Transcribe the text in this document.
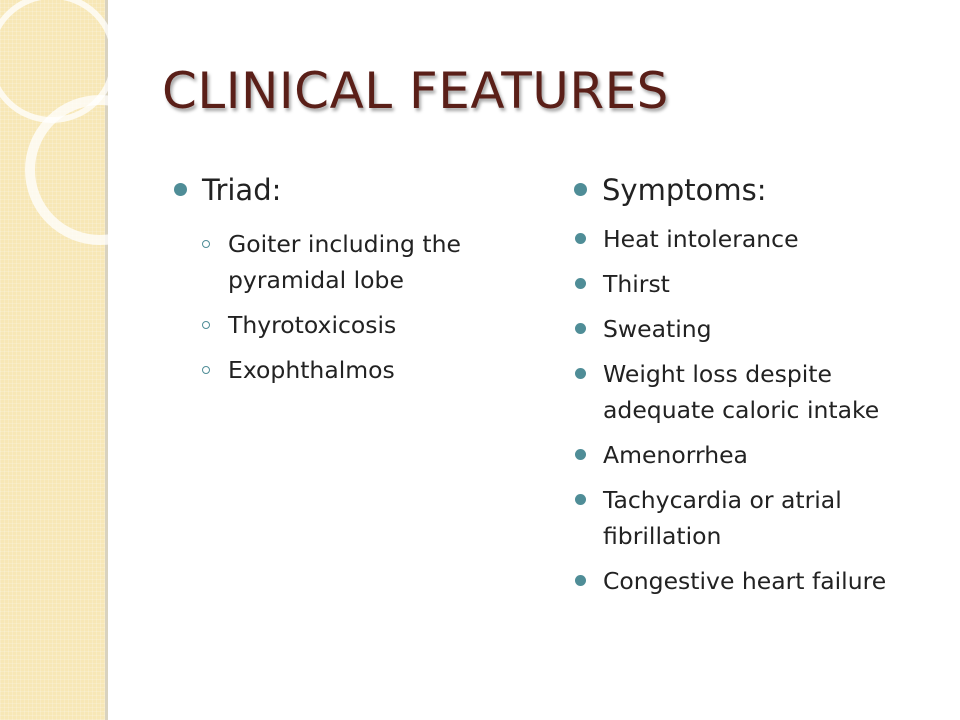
CLINICAL FEATURES
Triad:
Goiter including the pyramidal lobe
Thyrotoxicosis
Exophthalmos
Symptoms:
Heat intolerance
Thirst
Sweating
Weight loss despite adequate caloric intake
Amenorrhea
Tachycardia or atrial fibrillation
Congestive heart failure
